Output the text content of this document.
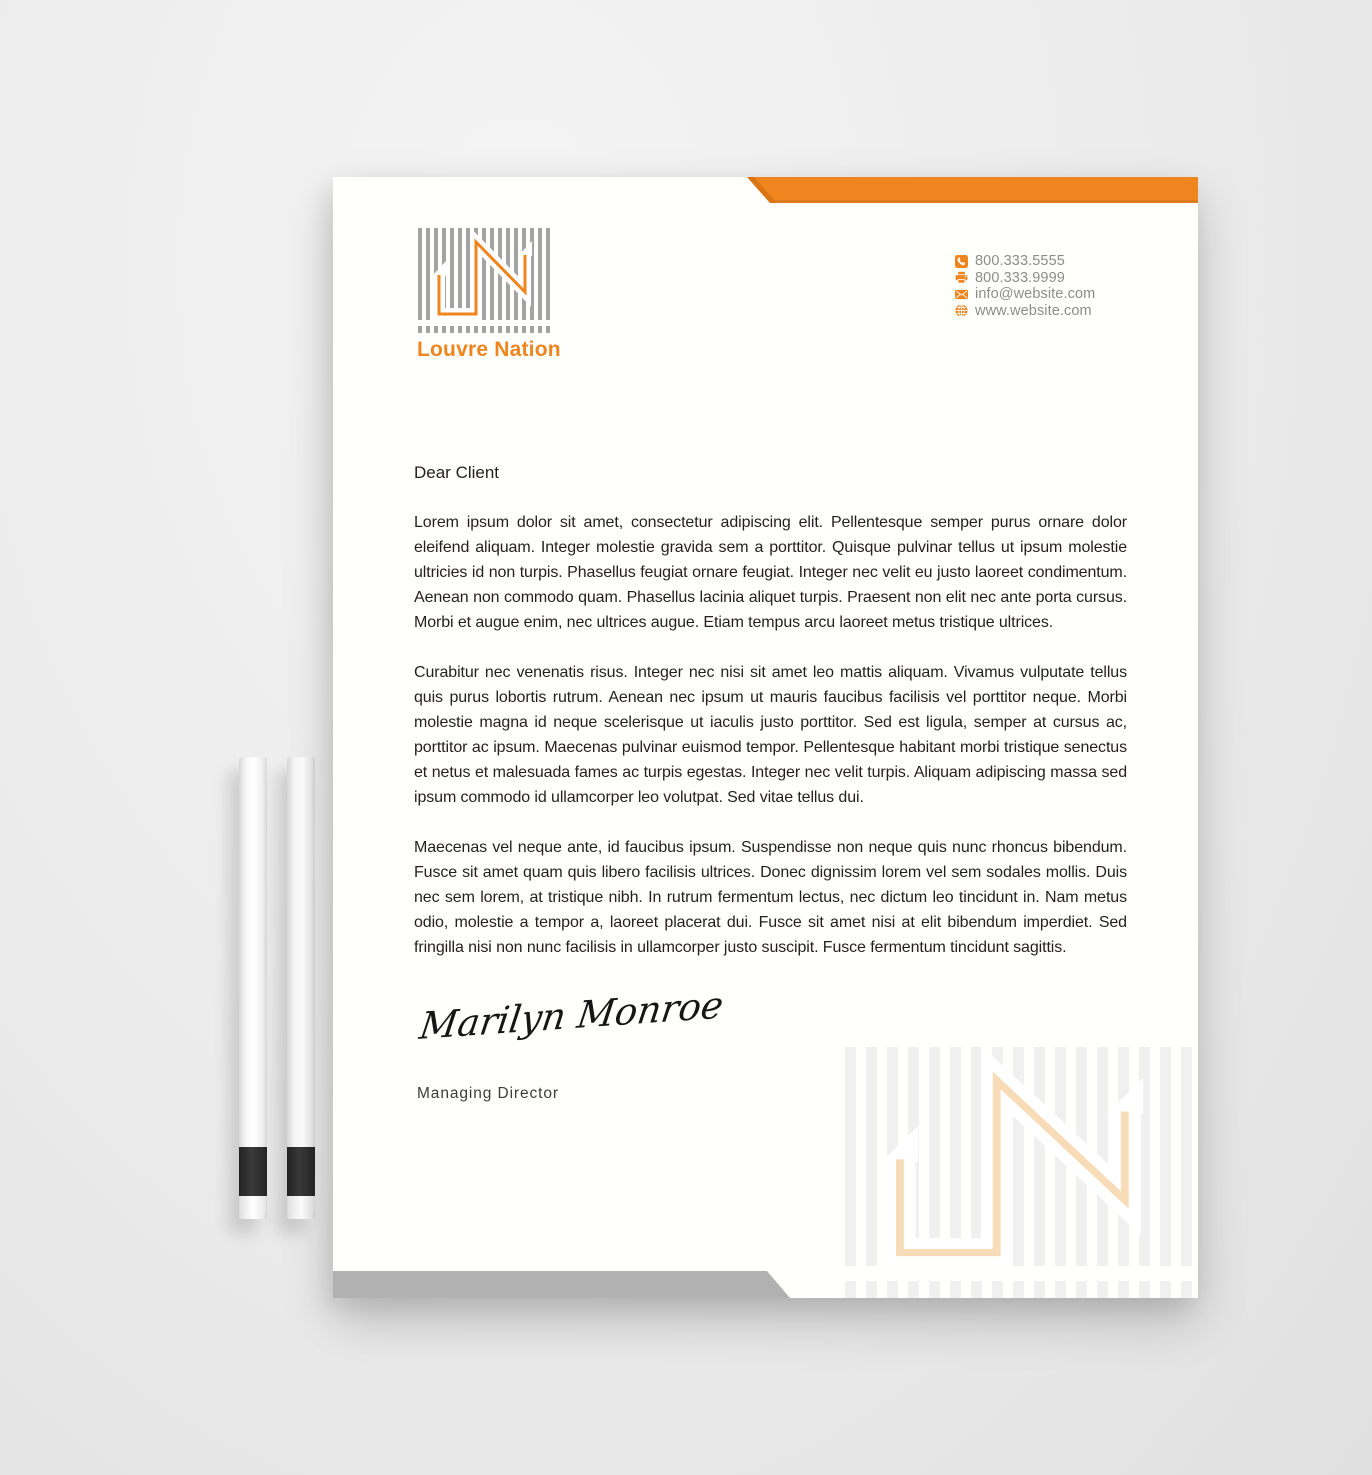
Louvre Nation
800.333.5555
800.333.9999
info@website.com
www.website.com

Dear Client

Lorem ipsum dolor sit amet, consectetur adipiscing elit. Pellentesque semper purus ornare dolor eleifend aliquam. Integer molestie gravida sem a porttitor. Quisque pulvinar tellus ut ipsum molestie ultricies id non turpis. Phasellus feugiat ornare feugiat. Integer nec velit eu justo laoreet condimentum. Aenean non commodo quam. Phasellus lacinia aliquet turpis. Praesent non elit nec ante porta cursus. Morbi et augue enim, nec ultrices augue. Etiam tempus arcu laoreet metus tristique ultrices.

Curabitur nec venenatis risus. Integer nec nisi sit amet leo mattis aliquam. Vivamus vulputate tellus quis purus lobortis rutrum. Aenean nec ipsum ut mauris faucibus facilisis vel porttitor neque. Morbi molestie magna id neque scelerisque ut iaculis justo porttitor. Sed est ligula, semper at cursus ac, porttitor ac ipsum. Maecenas pulvinar euismod tempor. Pellentesque habitant morbi tristique senectus et netus et malesuada fames ac turpis egestas. Integer nec velit turpis. Aliquam adipiscing massa sed ipsum commodo id ullamcorper leo volutpat. Sed vitae tellus dui.

Maecenas vel neque ante, id faucibus ipsum. Suspendisse non neque quis nunc rhoncus bibendum. Fusce sit amet quam quis libero facilisis ultrices. Donec dignissim lorem vel sem sodales mollis. Duis nec sem lorem, at tristique nibh. In rutrum fermentum lectus, nec dictum leo tincidunt in. Nam metus odio, molestie a tempor a, laoreet placerat dui. Fusce sit amet nisi at elit bibendum imperdiet. Sed fringilla nisi non nunc facilisis in ullamcorper justo suscipit. Fusce fermentum tincidunt sagittis.

Marilyn Monroe
Managing Director
